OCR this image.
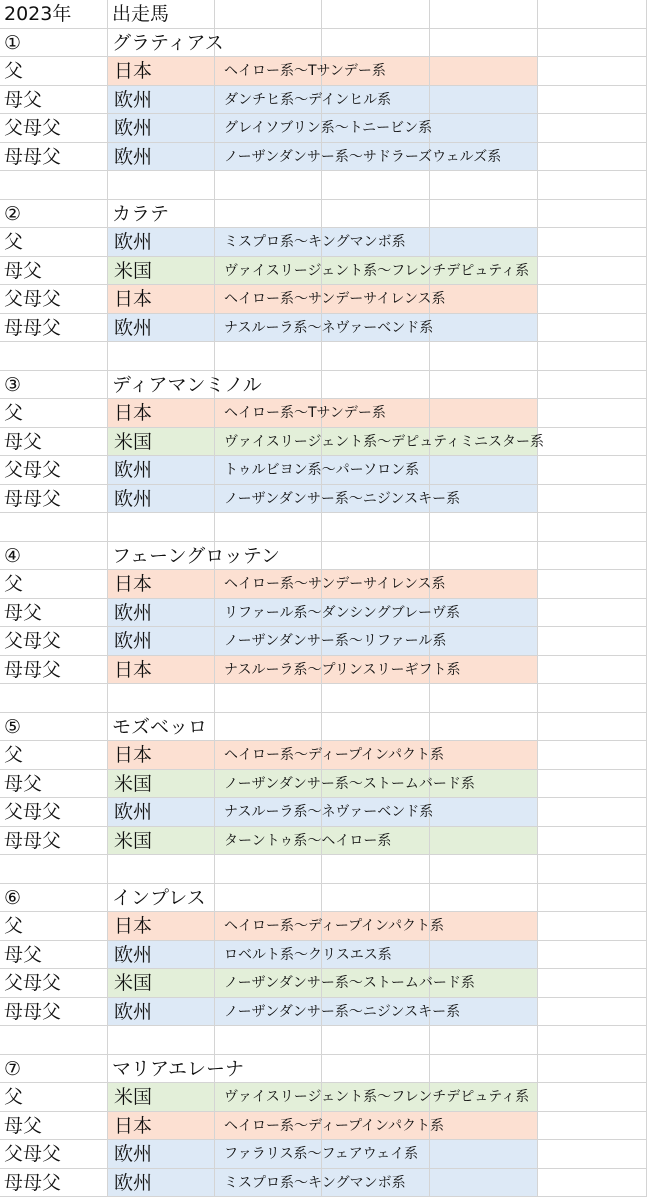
2023年	出走馬
①	グラティアス
父	日本	ヘイロー系～Tサンデー系
母父	欧州	ダンチヒ系～デインヒル系
父母父	欧州	グレイソブリン系～トニービン系
母母父	欧州	ノーザンダンサー系～サドラーズウェルズ系
②	カラテ
父	欧州	ミスプロ系～キングマンボ系
母父	米国	ヴァイスリージェント系～フレンチデピュティ系
父母父	日本	ヘイロー系～サンデーサイレンス系
母母父	欧州	ナスルーラ系～ネヴァーベンド系
③	ディアマンミノル
父	日本	ヘイロー系～Tサンデー系
母父	米国	ヴァイスリージェント系～デピュティミニスター系
父母父	欧州	トゥルビヨン系～パーソロン系
母母父	欧州	ノーザンダンサー系～ニジンスキー系
④	フェーングロッテン
父	日本	ヘイロー系～サンデーサイレンス系
母父	欧州	リファール系～ダンシングブレーヴ系
父母父	欧州	ノーザンダンサー系～リファール系
母母父	日本	ナスルーラ系～プリンスリーギフト系
⑤	モズベッロ
父	日本	ヘイロー系～ディープインパクト系
母父	米国	ノーザンダンサー系～ストームバード系
父母父	欧州	ナスルーラ系～ネヴァーベンド系
母母父	米国	ターントゥ系～ヘイロー系
⑥	インプレス
父	日本	ヘイロー系～ディープインパクト系
母父	欧州	ロベルト系～クリスエス系
父母父	米国	ノーザンダンサー系～ストームバード系
母母父	欧州	ノーザンダンサー系～ニジンスキー系
⑦	マリアエレーナ
父	米国	ヴァイスリージェント系～フレンチデピュティ系
母父	日本	ヘイロー系～ディープインパクト系
父母父	欧州	ファラリス系～フェアウェイ系
母母父	欧州	ミスプロ系～キングマンボ系
